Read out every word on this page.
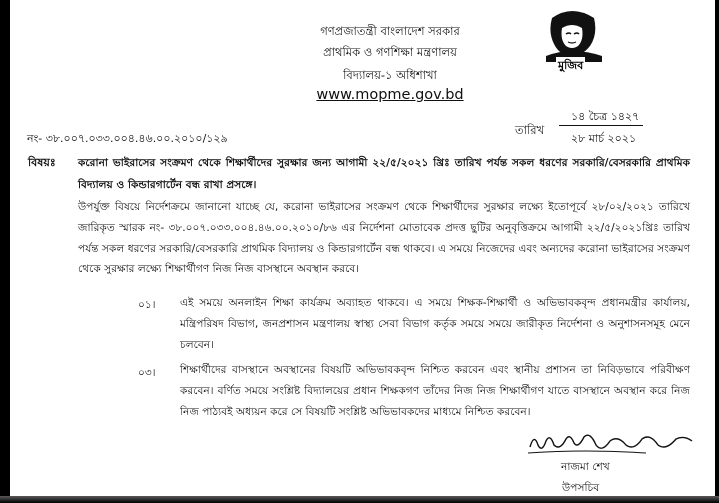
গণপ্রজাতন্ত্রী বাংলাদেশ সরকার
প্রাথমিক ও গণশিক্ষা মন্ত্রণালয়
বিদ্যালয়-১ অধিশাখা
www.mopme.gov.bd
মুজিব
নং- ৩৮.০০৭.০৩৩.০০৪.৪৬.০০.২০১০/১২৯
তারিখ
১৪ চৈত্র ১৪২৭
২৮ মার্চ ২০২১
বিষয়ঃ করোনা ভাইরাসের সংক্রমণ থেকে শিক্ষার্থীদের সুরক্ষার জন্য আগামী ২২/৫/২০২১ খ্রিঃ তারিখ পর্যন্ত সকল ধরণের সরকারি/বেসরকারি প্রাথমিক বিদ্যালয় ও কিন্ডারগার্টেন বন্ধ রাখা প্রসঙ্গে।
উপর্যুক্ত বিষয়ে নির্দেশক্রমে জানানো যাচ্ছে যে, করোনা ভাইরাসের সংক্রমণ থেকে শিক্ষার্থীদের সুরক্ষার লক্ষ্যে ইতোপূর্বে ২৮/০২/২০২১ তারিখে জারিকৃত স্মারক নং- ৩৮.০০৭.০৩৩.০০৪.৪৬.০০.২০১০/৮৬ এর নির্দেশনা মোতাবেক প্রদত্ত ছুটির অনুবৃত্তিক্রমে আগামী ২২/৫/২০২১খ্রিঃ তারিখ পর্যন্ত সকল ধরণের সরকারি/বেসরকারি প্রাথমিক বিদ্যালয় ও কিন্ডারগার্টেন বন্ধ থাকবে। এ সময়ে নিজেদের এবং অন্যদের করোনা ভাইরাসের সংক্রমণ থেকে সুরক্ষার লক্ষ্যে শিক্ষার্থীগণ নিজ নিজ বাসস্থানে অবস্থান করবে।
০১। এই সময়ে অনলাইন শিক্ষা কার্যক্রম অব্যাহত থাকবে। এ সময়ে শিক্ষক-শিক্ষার্থী ও অভিভাবকবৃন্দ প্রধানমন্ত্রীর কার্যালয়, মন্ত্রিপরিষদ বিভাগ, জনপ্রশাসন মন্ত্রণালয় স্বাস্থ্য সেবা বিভাগ কর্তৃক সময়ে সময়ে জারীকৃত নির্দেশনা ও অনুশাসনসমূহ মেনে চলবেন।
০৩। শিক্ষার্থীদের বাসস্থানে অবস্থানের বিষয়টি অভিভাবকবৃন্দ নিশ্চিত করবেন এবং স্থানীয় প্রশাসন তা নিবিড়ভাবে পরিবীক্ষণ করবেন। বর্ণিত সময়ে সংশ্লিষ্ট বিদ্যালয়ের প্রধান শিক্ষকগণ তাঁদের নিজ নিজ শিক্ষার্থীগণ যাতে বাসস্থানে অবস্থান করে নিজ নিজ পাঠ্যবই অধ্যয়ন করে সে বিষয়টি সংশ্লিষ্ট অভিভাবকদের মাধ্যমে নিশ্চিত করবেন।
নাজমা শেখ
উপসচিব
